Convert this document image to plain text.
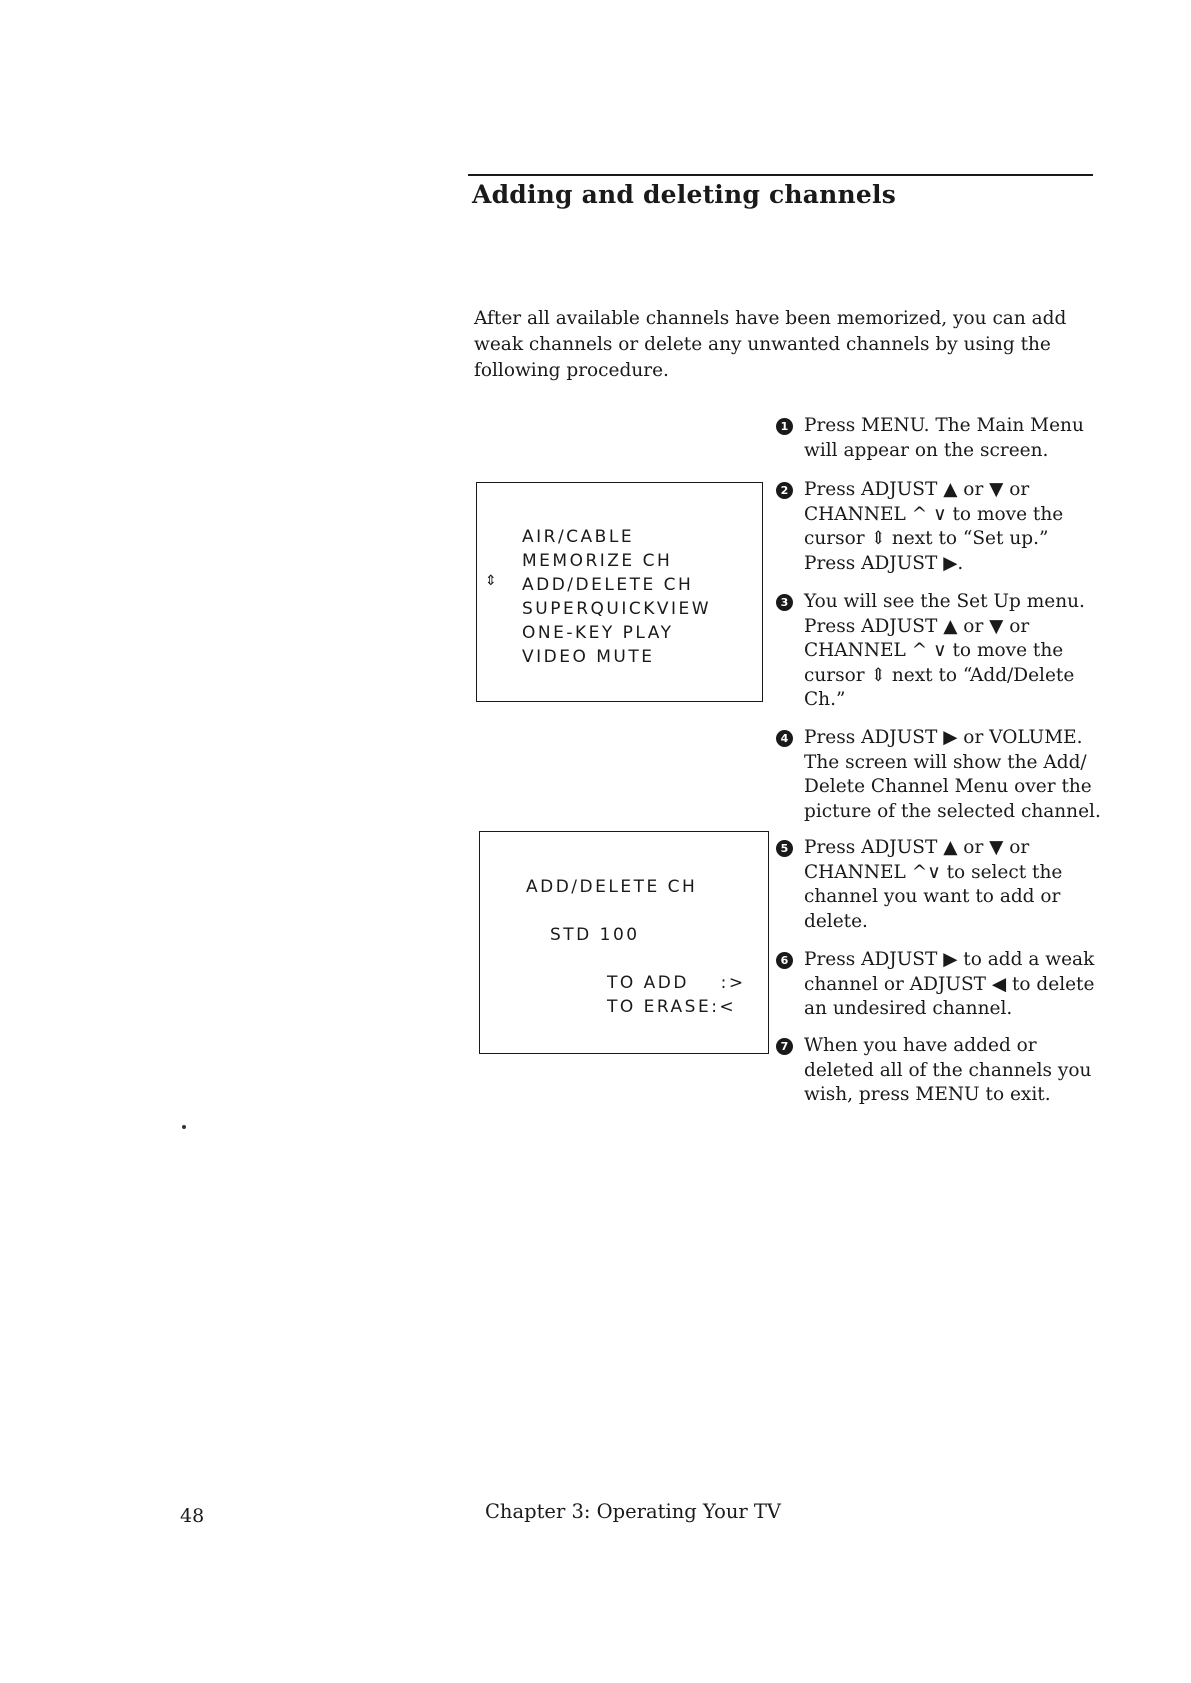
Adding and deleting channels

After all available channels have been memorized, you can add weak channels or delete any unwanted channels by using the following procedure.

⇕
AIR/CABLE
MEMORIZE CH
ADD/DELETE CH
SUPERQUICKVIEW
ONE-KEY PLAY
VIDEO MUTE
ADD/DELETE CH
STD 100
TO ADD    :>
TO ERASE:<
1 Press MENU. The Main Menu
will appear on the screen.
2 Press ADJUST ▲ or ▼ or
CHANNEL ^ ∨ to move the
cursor ⇕ next to “Set up.”
Press ADJUST ▶.
3 You will see the Set Up menu.
Press ADJUST ▲ or ▼ or
CHANNEL ^ ∨ to move the
cursor ⇕ next to “Add/Delete
Ch.”
4 Press ADJUST ▶ or VOLUME.
The screen will show the Add/
Delete Channel Menu over the
picture of the selected channel.
5 Press ADJUST ▲ or ▼ or
CHANNEL ^∨ to select the
channel you want to add or
delete.
6 Press ADJUST ▶ to add a weak
channel or ADJUST ◀ to delete
an undesired channel.
7 When you have added or
deleted all of the channels you
wish, press MENU to exit.
48	Chapter 3: Operating Your TV
